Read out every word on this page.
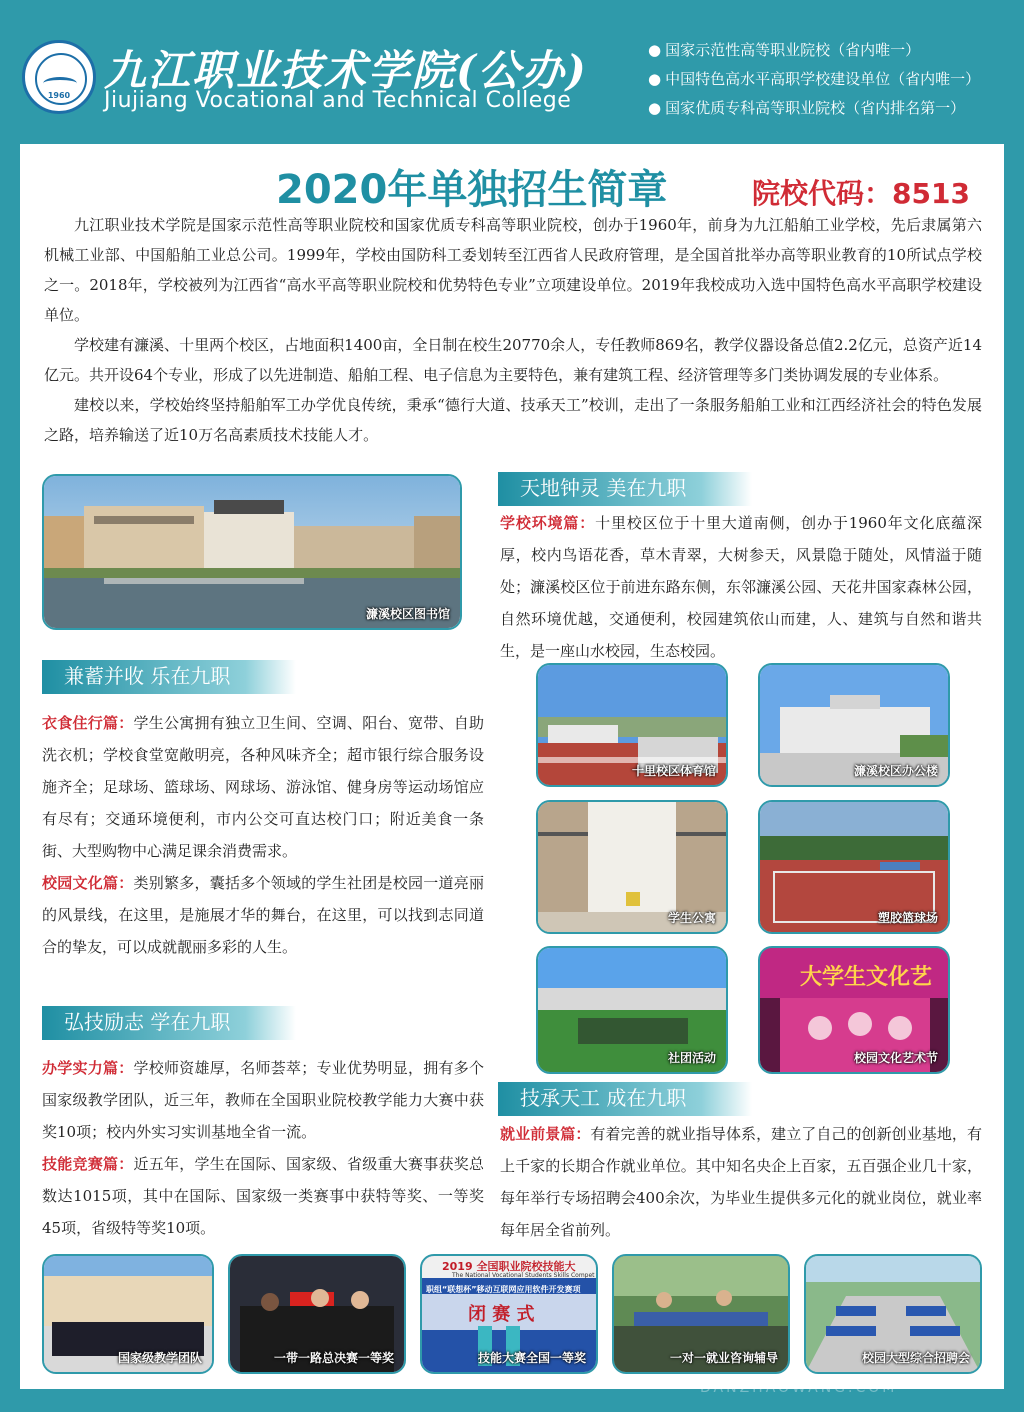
1960
九江职业技术学院(公办)
Jiujiang Vocational and Technical College
● 国家示范性高等职业院校（省内唯一）
● 中国特色高水平高职学校建设单位（省内唯一）
● 国家优质专科高等职业院校（省内排名第一）
2020年单独招生简章	院校代码：8513

九江职业技术学院是国家示范性高等职业院校和国家优质专科高等职业院校，创办于1960年，前身为九江船舶工业学校，先后隶属第六机械工业部、中国船舶工业总公司。1999年，学校由国防科工委划转至江西省人民政府管理，是全国首批举办高等职业教育的10所试点学校之一。2018年，学校被列为江西省“高水平高等职业院校和优势特色专业”立项建设单位。2019年我校成功入选中国特色高水平高职学校建设单位。

学校建有濂溪、十里两个校区，占地面积1400亩，全日制在校生20770余人，专任教师869名，教学仪器设备总值2.2亿元，总资产近14亿元。共开设64个专业，形成了以先进制造、船舶工程、电子信息为主要特色，兼有建筑工程、经济管理等多门类协调发展的专业体系。

建校以来，学校始终坚持船舶军工办学优良传统，秉承“德行大道、技承天工”校训，走出了一条服务船舶工业和江西经济社会的特色发展之路，培养输送了近10万名高素质技术技能人才。

濂溪校区图书馆
天地钟灵 美在九职

学校环境篇：十里校区位于十里大道南侧，创办于1960年文化底蕴深厚，校内鸟语花香，草木青翠，大树参天，风景隐于随处，风情溢于随处；濂溪校区位于前进东路东侧，东邻濂溪公园、天花井国家森林公园，自然环境优越，交通便利，校园建筑依山而建，人、建筑与自然和谐共生，是一座山水校园，生态校园。

兼蓄并收 乐在九职

衣食住行篇：学生公寓拥有独立卫生间、空调、阳台、宽带、自助洗衣机；学校食堂宽敞明亮，各种风味齐全；超市银行综合服务设施齐全；足球场、篮球场、网球场、游泳馆、健身房等运动场馆应有尽有；交通环境便利，市内公交可直达校门口；附近美食一条街、大型购物中心满足课余消费需求。

校园文化篇：类别繁多，囊括多个领域的学生社团是校园一道亮丽的风景线，在这里，是施展才华的舞台，在这里，可以找到志同道合的挚友，可以成就靓丽多彩的人生。

十里校区体育馆	濂溪校区办公楼
学生公寓	塑胶篮球场
社团活动
大学生文化艺
校园文化艺术节
弘技励志 学在九职

办学实力篇：学校师资雄厚，名师荟萃；专业优势明显，拥有多个国家级教学团队，近三年，教师在全国职业院校教学能力大赛中获奖10项；校内外实习实训基地全省一流。

技能竞赛篇：近五年，学生在国际、国家级、省级重大赛事获奖总数达1015项，其中在国际、国家级一类赛事中获特等奖、一等奖45项，省级特等奖10项。

技承天工 成在九职

就业前景篇：有着完善的就业指导体系，建立了自己的创新创业基地，有上千家的长期合作就业单位。其中知名央企上百家，五百强企业几十家，每年举行专场招聘会400余次，为毕业生提供多元化的就业岗位，就业率每年居全省前列。

国家级教学团队	一带一路总决赛一等奖
2019 全国职业院校技能大
The National Vocational Students Skills Compet
职组“联想杯”移动互联网应用软件开发赛项
闭 赛 式
技能大赛全国一等奖	一对一就业咨询辅导	校园大型综合招聘会
DANZHAOWANG.COM
